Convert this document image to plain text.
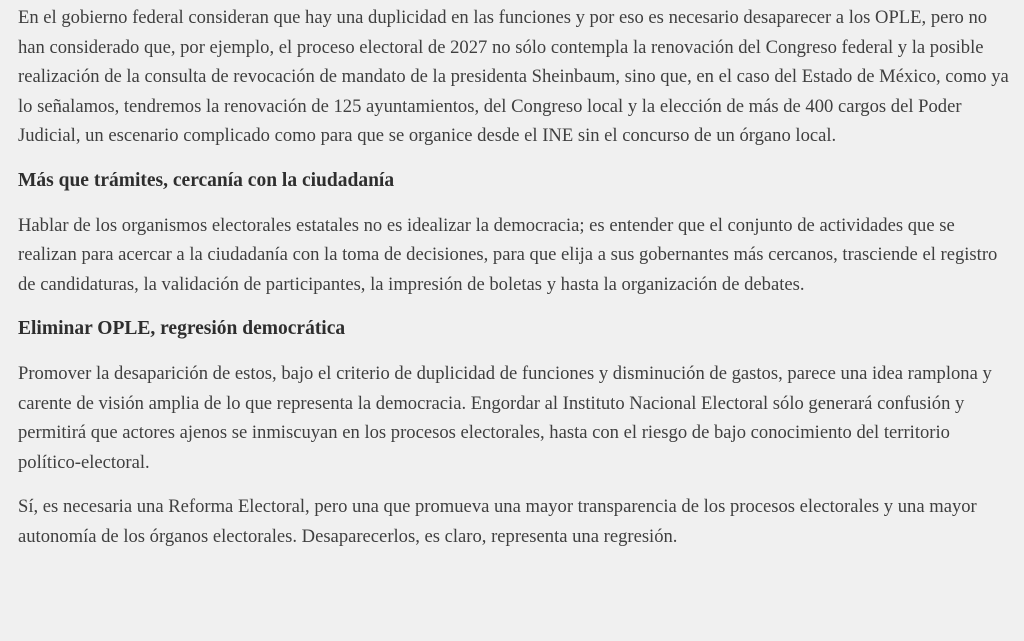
En el gobierno federal consideran que hay una duplicidad en las funciones y por eso es necesario desaparecer a los OPLE, pero no han considerado que, por ejemplo, el proceso electoral de 2027 no sólo contempla la renovación del Congreso federal y la posible realización de la consulta de revocación de mandato de la presidenta Sheinbaum, sino que, en el caso del Estado de México, como ya lo señalamos, tendremos la renovación de 125 ayuntamientos, del Congreso local y la elección de más de 400 cargos del Poder Judicial, un escenario complicado como para que se organice desde el INE sin el concurso de un órgano local.

Más que trámites, cercanía con la ciudadanía

Hablar de los organismos electorales estatales no es idealizar la democracia; es entender que el conjunto de actividades que se realizan para acercar a la ciudadanía con la toma de decisiones, para que elija a sus gobernantes más cercanos, trasciende el registro de candidaturas, la validación de participantes, la impresión de boletas y hasta la organización de debates.

Eliminar OPLE, regresión democrática

Promover la desaparición de estos, bajo el criterio de duplicidad de funciones y disminución de gastos, parece una idea ramplona y carente de visión amplia de lo que representa la democracia. Engordar al Instituto Nacional Electoral sólo generará confusión y permitirá que actores ajenos se inmiscuyan en los procesos electorales, hasta con el riesgo de bajo conocimiento del territorio político-electoral.

Sí, es necesaria una Reforma Electoral, pero una que promueva una mayor transparencia de los procesos electorales y una mayor autonomía de los órganos electorales. Desaparecerlos, es claro, representa una regresión.
